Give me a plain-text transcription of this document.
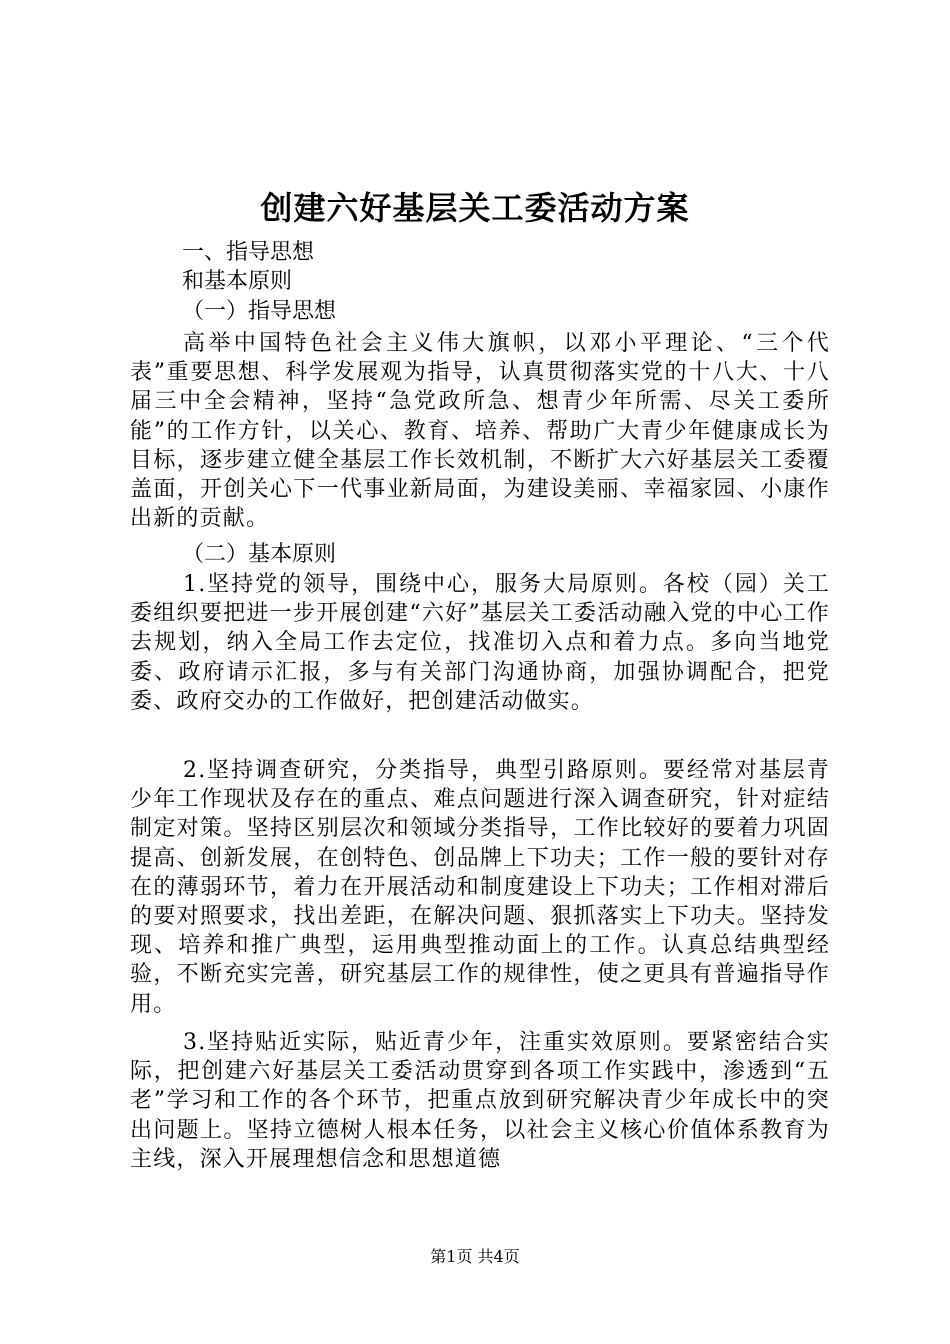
创建六好基层关工委活动方案
一、指导思想
和基本原则
（一）指导思想
高举中国特色社会主义伟大旗帜，以邓小平理论、“三个代表”重要思想、科学发展观为指导，认真贯彻落实党的十八大、十八届三中全会精神，坚持“急党政所急、想青少年所需、尽关工委所能”的工作方针，以关心、教育、培养、帮助广大青少年健康成长为目标，逐步建立健全基层工作长效机制，不断扩大六好基层关工委覆盖面，开创关心下一代事业新局面，为建设美丽、幸福家园、小康作出新的贡献。
（二）基本原则
1.坚持党的领导，围绕中心，服务大局原则。各校（园）关工委组织要把进一步开展创建“六好”基层关工委活动融入党的中心工作去规划，纳入全局工作去定位，找准切入点和着力点。多向当地党委、政府请示汇报，多与有关部门沟通协商，加强协调配合，把党委、政府交办的工作做好，把创建活动做实。
2.坚持调查研究，分类指导，典型引路原则。要经常对基层青少年工作现状及存在的重点、难点问题进行深入调查研究，针对症结制定对策。坚持区别层次和领域分类指导，工作比较好的要着力巩固提高、创新发展，在创特色、创品牌上下功夫；工作一般的要针对存在的薄弱环节，着力在开展活动和制度建设上下功夫；工作相对滞后的要对照要求，找出差距，在解决问题、狠抓落实上下功夫。坚持发现、培养和推广典型，运用典型推动面上的工作。认真总结典型经验，不断充实完善，研究基层工作的规律性，使之更具有普遍指导作用。
3.坚持贴近实际，贴近青少年，注重实效原则。要紧密结合实际，把创建六好基层关工委活动贯穿到各项工作实践中，渗透到“五老”学习和工作的各个环节，把重点放到研究解决青少年成长中的突出问题上。坚持立德树人根本任务，以社会主义核心价值体系教育为主线，深入开展理想信念和思想道德
第1页 共4页
